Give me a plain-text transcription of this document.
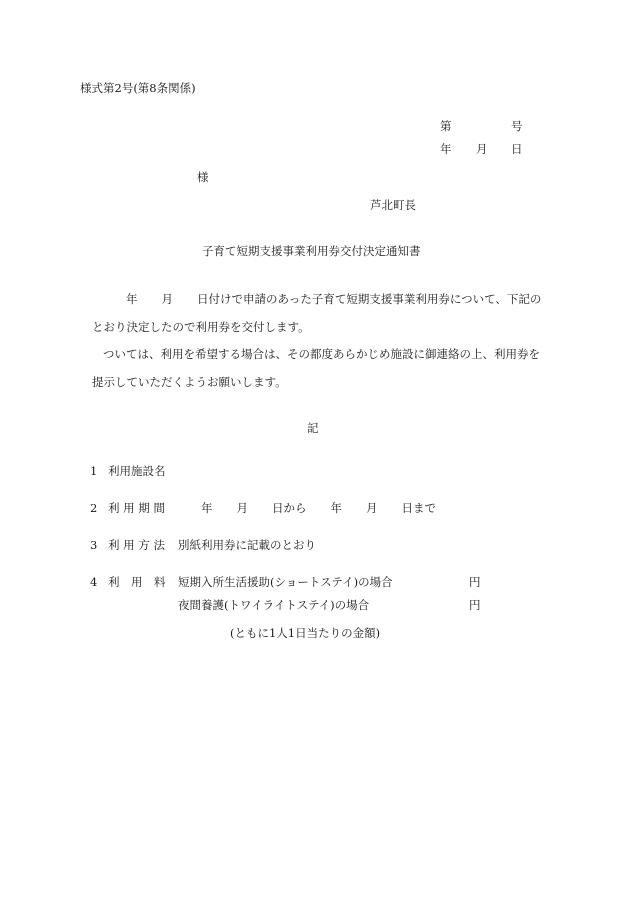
様式第2号(第8条関係)
第	号
年 月 日
様
芦北町長
子育て短期支援事業利用券交付決定通知書
年 月 日付けで申請のあった子育て短期支援事業利用券について、下記の
とおり決定したので利用券を交付します。
ついては、利用を希望する場合は、その都度あらかじめ施設に御連絡の上、利用券を
提示していただくようお願いします。
記
1 利用施設名
2 利 用 期 間	年 月 日から 年 月 日まで
3 利 用 方 法 別紙利用券に記載のとおり
4 利　用　料 短期入所生活援助(ショートステイ)の場合	円
夜間養護(トワイライトステイ)の場合	円
(ともに1人1日当たりの金額)
